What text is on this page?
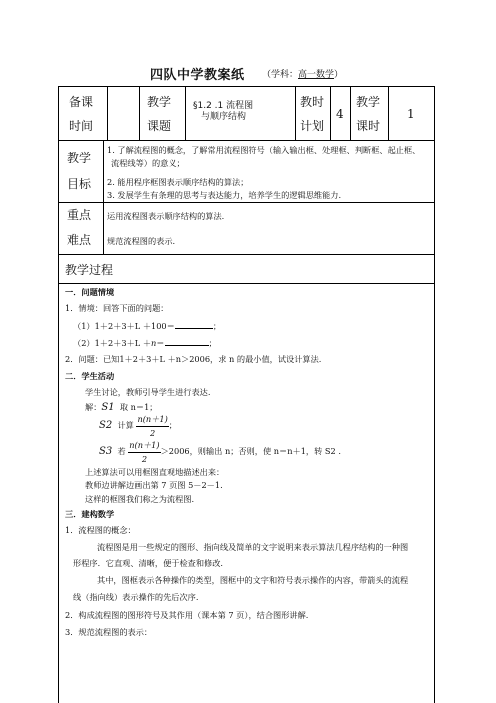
四队中学教案纸 （学科：高一数学）
备课
时间
教学
课题
§1.2 .1 流程图
与顺序结构
教时
计划
4
教学
课时
1
教学
目标
1. 了解流程图的概念，了解常用流程图符号（输入输出框、处理框、判断框、起止框、
流程线等）的意义；
2. 能用程序框图表示顺序结构的算法；
3. 发展学生有条理的思考与表达能力，培养学生的逻辑思维能力.
重点
难点
运用流程图表示顺序结构的算法.
规范流程图的表示.
教学过程
一．问题情境
1．情境：回答下面的问题：
（1）1＋2＋3＋L ＋100＝	；
（2）1＋2＋3＋L ＋n＝	；
2．问题：已知1＋2＋3＋L ＋n＞2006，求 n 的最小值，试设计算法.
二．学生活动
学生讨论，教师引导学生进行表达.
解：S1 取 n＝1；
S2 计算 $\frac{n(n+1)}{2}$ ；
S3 若 $\frac{n(n+1)}{2} >2006$，则输出 n；否则，使 n＝n＋1，转 S2 .
上述算法可以用框图直观地描述出来：
教师边讲解边画出第 7 页图 5－2－1.
这样的框图我们称之为流程图.
三．建构数学
1．流程图的概念：
流程图是用一些规定的图形、指向线及简单的文字说明来表示算法几程序结构的一种图
形程序．它直观、清晰，便于检查和修改.
其中，图框表示各种操作的类型，图框中的文字和符号表示操作的内容，带箭头的流程
线（指向线）表示操作的先后次序.
2．构成流程图的图形符号及其作用（课本第 7 页），结合图形讲解.
3．规范流程图的表示：
